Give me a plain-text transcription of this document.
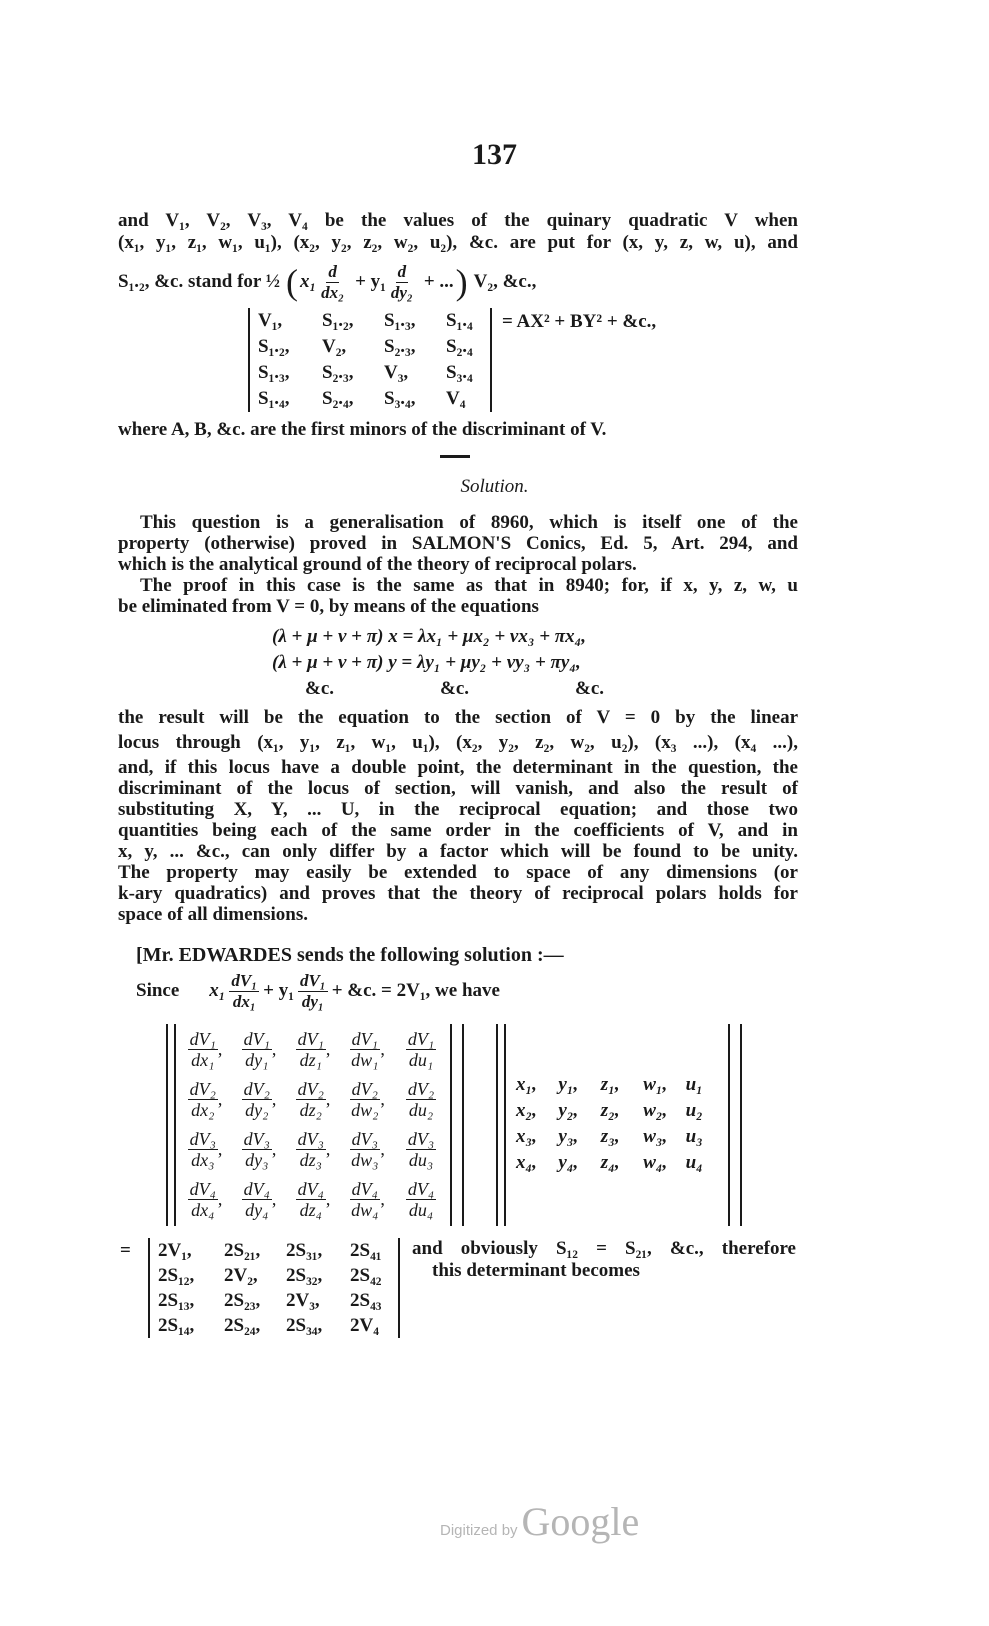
137
and V₁, V₂, V₃, V₄ be the values of the quinary quadratic V when
(x₁, y₁, z₁, w₁, u₁), (x₂, y₂, z₂, w₂, u₂), &c. are put for (x, y, z, w, u), and
S₁.₂, &c. stand for ½ ( $x_1 \frac{d}{\text{dx₂}} + y_1 \frac{d}{\text{dy₂}}$ + ... ) V₂, &c.,
V₁,	S₁.₂,	S₁.₃,	S₁.₄
S₁.₂,	V₂,	S₂.₃,	S₂.₄
S₁.₃,	S₂.₃,	V₃,	S₃.₄
S₁.₄,	S₂.₄,	S₃.₄,	V₄
= AX² + BY² + &c.,
where A, B, &c. are the first minors of the discriminant of V.
Solution.
This question is a generalisation of 8960, which is itself one of the
property (otherwise) proved in SALMON'S Conics, Ed. 5, Art. 294, and
which is the analytical ground of the theory of reciprocal polars.
The proof in this case is the same as that in 8940; for, if x, y, z, w, u
be eliminated from V = 0, by means of the equations
(λ + μ + ν + π) x = λx₁ + μx₂ + νx₃ + πx₄,
(λ + μ + ν + π) y = λy₁ + μy₂ + νy₃ + πy₄,
&c.	&c.	&c.
the result will be the equation to the section of V = 0 by the linear
locus through (x₁, y₁, z₁, w₁, u₁), (x₂, y₂, z₂, w₂, u₂), (x₃ ...), (x₄ ...),
and, if this locus have a double point, the determinant in the question, the
discriminant of the locus of section, will vanish, and also the result of
substituting X, Y, ... U, in the reciprocal equation; and those two
quantities being each of the same order in the coefficients of V, and in
x, y, ... &c., can only differ by a factor which will be found to be unity.
The property may easily be extended to space of any dimensions (or
k-ary quadratics) and proves that the theory of reciprocal polars holds for
space of all dimensions.
[Mr. EDWARDES sends the following solution :—
Since $x_1 \frac{\text{dV₁}}{\text{dx₁}} + y_1 \frac{\text{dV₁}}{\text{dy₁}}$ + &c. = 2V₁, we have
$\frac{\text{dV₁}}{\text{dx₁}}$ , $\frac{\text{dV₁}}{\text{dy₁}}$ , $\frac{\text{dV₁}}{\text{dz₁}}$ , $\frac{\text{dV₁}}{\text{dw₁}}$ , $\frac{\text{dV₁}}{\text{du₁}}$
$\frac{\text{dV₂}}{\text{dx₂}}$ , $\frac{\text{dV₂}}{\text{dy₂}}$ , $\frac{\text{dV₂}}{\text{dz₂}}$ , $\frac{\text{dV₂}}{\text{dw₂}}$ , $\frac{\text{dV₂}}{\text{du₂}}$
$\frac{\text{dV₃}}{\text{dx₃}}$ , $\frac{\text{dV₃}}{\text{dy₃}}$ , $\frac{\text{dV₃}}{\text{dz₃}}$ , $\frac{\text{dV₃}}{\text{dw₃}}$ , $\frac{\text{dV₃}}{\text{du₃}}$
$\frac{\text{dV₄}}{\text{dx₄}}$ , $\frac{\text{dV₄}}{\text{dy₄}}$ , $\frac{\text{dV₄}}{\text{dz₄}}$ , $\frac{\text{dV₄}}{\text{dw₄}}$ , $\frac{\text{dV₄}}{\text{du₄}}$
x₁,	y₁,	z₁,	w₁, u₁
x₂,	y₂,	z₂,	w₂, u₂
x₃,	y₃,	z₃,	w₃, u₃
x₄,	y₄,	z₄,	w₄, u₄
= 2V₁,	2S₂₁,	2S₃₁,	2S₄₁
2S₁₂,	2V₂,	2S₃₂,	2S₄₂
2S₁₃,	2S₂₃,	2V₃,	2S₄₃
2S₁₄,	2S₂₄,	2S₃₄,	2V₄
and obviously S₁₂ = S₂₁, &c., therefore
this determinant becomes
Digitized by Google
